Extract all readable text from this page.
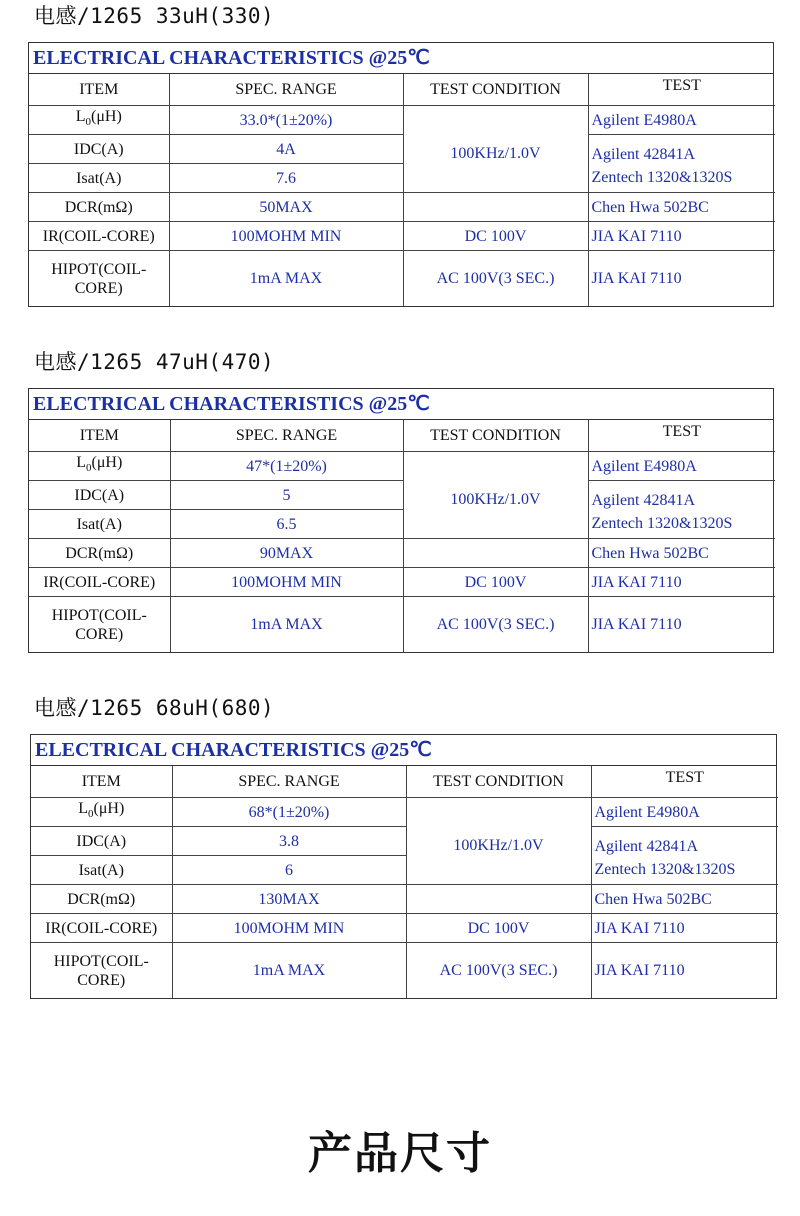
电感/1265 33uH(330)
ELECTRICAL CHARACTERISTICS @25℃
ITEM	SPEC. RANGE	TEST CONDITION	TEST
$L_0(\mu H)$	33.0*(1±20%)	100KHz/1.0V	Agilent E4980A
IDC(A)	4A		Agilent 42841A
Zentech 1320&1320S

Isat(A)	7.6		
DCR(mΩ)	50MAX		Chen Hwa 502BC
IR(COIL-CORE)	100MOHM MIN	DC 100V	JIA KAI 7110
HIPOT(COIL-
CORE)	1mA MAX	AC 100V(3 SEC.)	JIA KAI 7110
电感/1265 47uH(470)
ELECTRICAL CHARACTERISTICS @25℃
ITEM	SPEC. RANGE	TEST CONDITION	TEST
$L_0(\mu H)$	47*(1±20%)	100KHz/1.0V	Agilent E4980A
IDC(A)	5		Agilent 42841A
Zentech 1320&1320S

Isat(A)	6.5		
DCR(mΩ)	90MAX		Chen Hwa 502BC
IR(COIL-CORE)	100MOHM MIN	DC 100V	JIA KAI 7110
HIPOT(COIL-
CORE)	1mA MAX	AC 100V(3 SEC.)	JIA KAI 7110
电感/1265 68uH(680)
ELECTRICAL CHARACTERISTICS @25℃
ITEM	SPEC. RANGE	TEST CONDITION	TEST
$L_0(\mu H)$	68*(1±20%)	100KHz/1.0V	Agilent E4980A
IDC(A)	3.8		Agilent 42841A
Zentech 1320&1320S

Isat(A)	6		
DCR(mΩ)	130MAX		Chen Hwa 502BC
IR(COIL-CORE)	100MOHM MIN	DC 100V	JIA KAI 7110
HIPOT(COIL-
CORE)	1mA MAX	AC 100V(3 SEC.)	JIA KAI 7110
产品尺寸
